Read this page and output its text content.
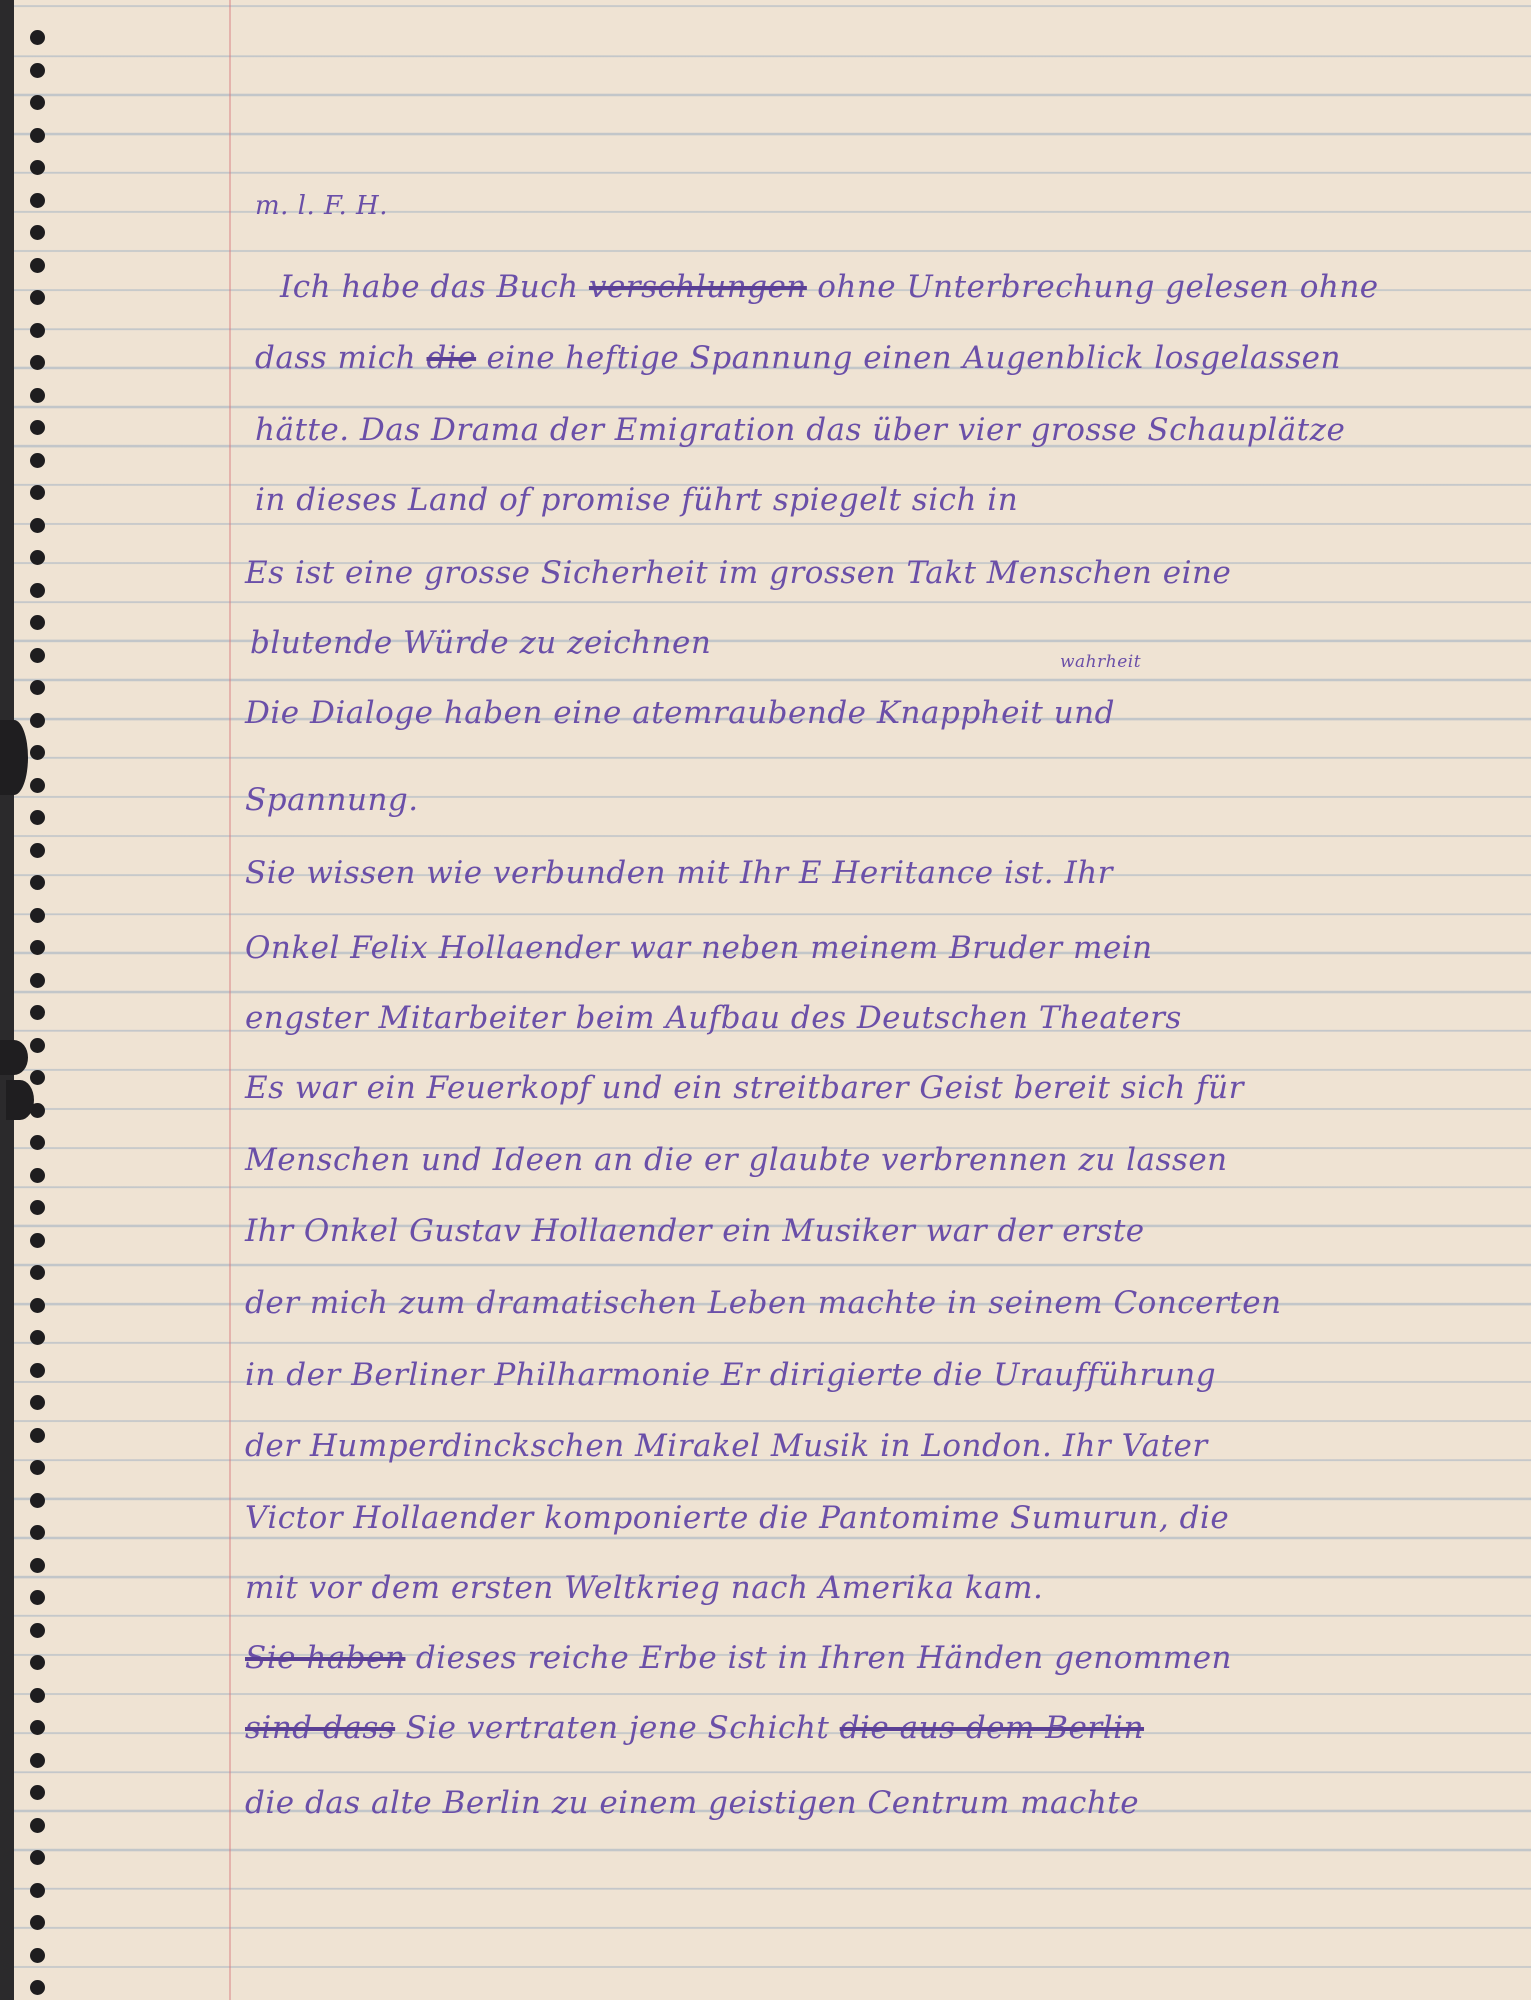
m. l. F. H.

Ich habe das Buch verschlungen ohne Unterbrechung gelesen ohne

dass mich die eine heftige Spannung einen Augenblick losgelassen

hätte. Das Drama der Emigration das über vier grosse Schauplätze

in dieses Land of promise führt spiegelt sich in

Es ist eine grosse Sicherheit im grossen Takt Menschen eine

blutende Würde zu zeichnen

wahrheit

Die Dialoge haben eine atemraubende Knappheit und

Spannung.

Sie wissen wie verbunden mit Ihr E Heritance ist. Ihr

Onkel Felix Hollaender war neben meinem Bruder mein

engster Mitarbeiter beim Aufbau des Deutschen Theaters

Es war ein Feuerkopf und ein streitbarer Geist bereit sich für

Menschen und Ideen an die er glaubte verbrennen zu lassen

Ihr Onkel Gustav Hollaender ein Musiker war der erste

der mich zum dramatischen Leben machte in seinem Concerten

in der Berliner Philharmonie Er dirigierte die Uraufführung

der Humperdinckschen Mirakel Musik in London. Ihr Vater

Victor Hollaender komponierte die Pantomime Sumurun, die

mit vor dem ersten Weltkrieg nach Amerika kam.

Sie haben dieses reiche Erbe ist in Ihren Händen genommen

sind dass Sie vertraten jene Schicht die aus dem Berlin

die das alte Berlin zu einem geistigen Centrum machte
